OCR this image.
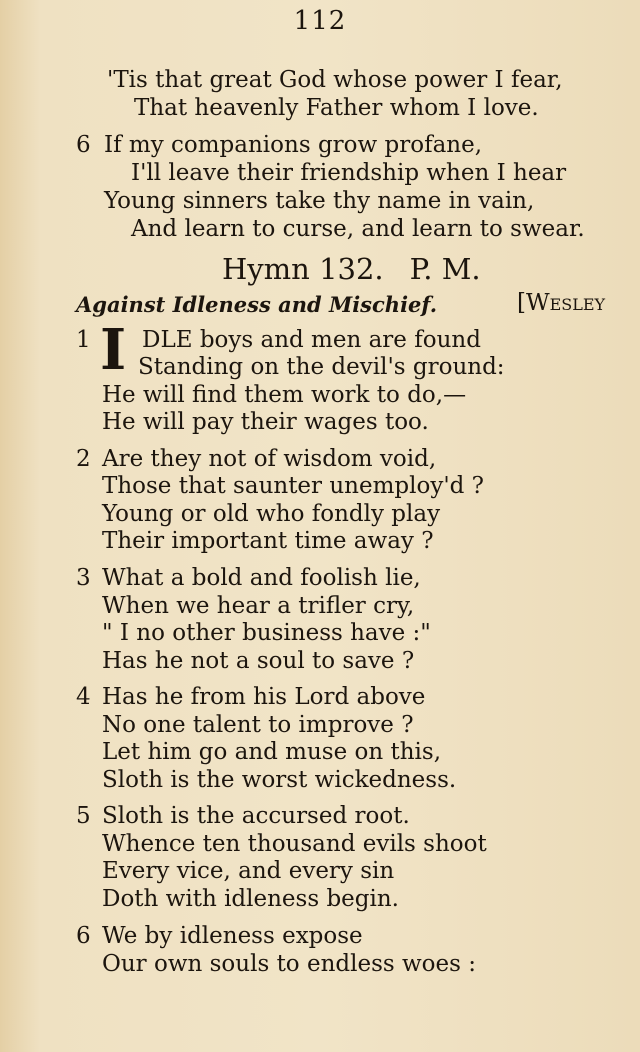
112
'Tis that great God whose power I fear,
That heavenly Father whom I love.
6 If my companions grow profane,
I'll leave their friendship when I hear
Young sinners take thy name in vain,
And learn to curse, and learn to swear.
Hymn 132. P. M.
Against Idleness and Mischief.	[Wesley
1 I DLE boys and men are found
Standing on the devil's ground:
He will find them work to do,—
He will pay their wages too.
2 Are they not of wisdom void,
Those that saunter unemploy'd ?
Young or old who fondly play
Their important time away ?
3 What a bold and foolish lie,
When we hear a trifler cry,
" I no other business have :"
Has he not a soul to save ?
4 Has he from his Lord above
No one talent to improve ?
Let him go and muse on this,
Sloth is the worst wickedness.
5 Sloth is the accursed root.
Whence ten thousand evils shoot
Every vice, and every sin
Doth with idleness begin.
6 We by idleness expose
Our own souls to endless woes :
